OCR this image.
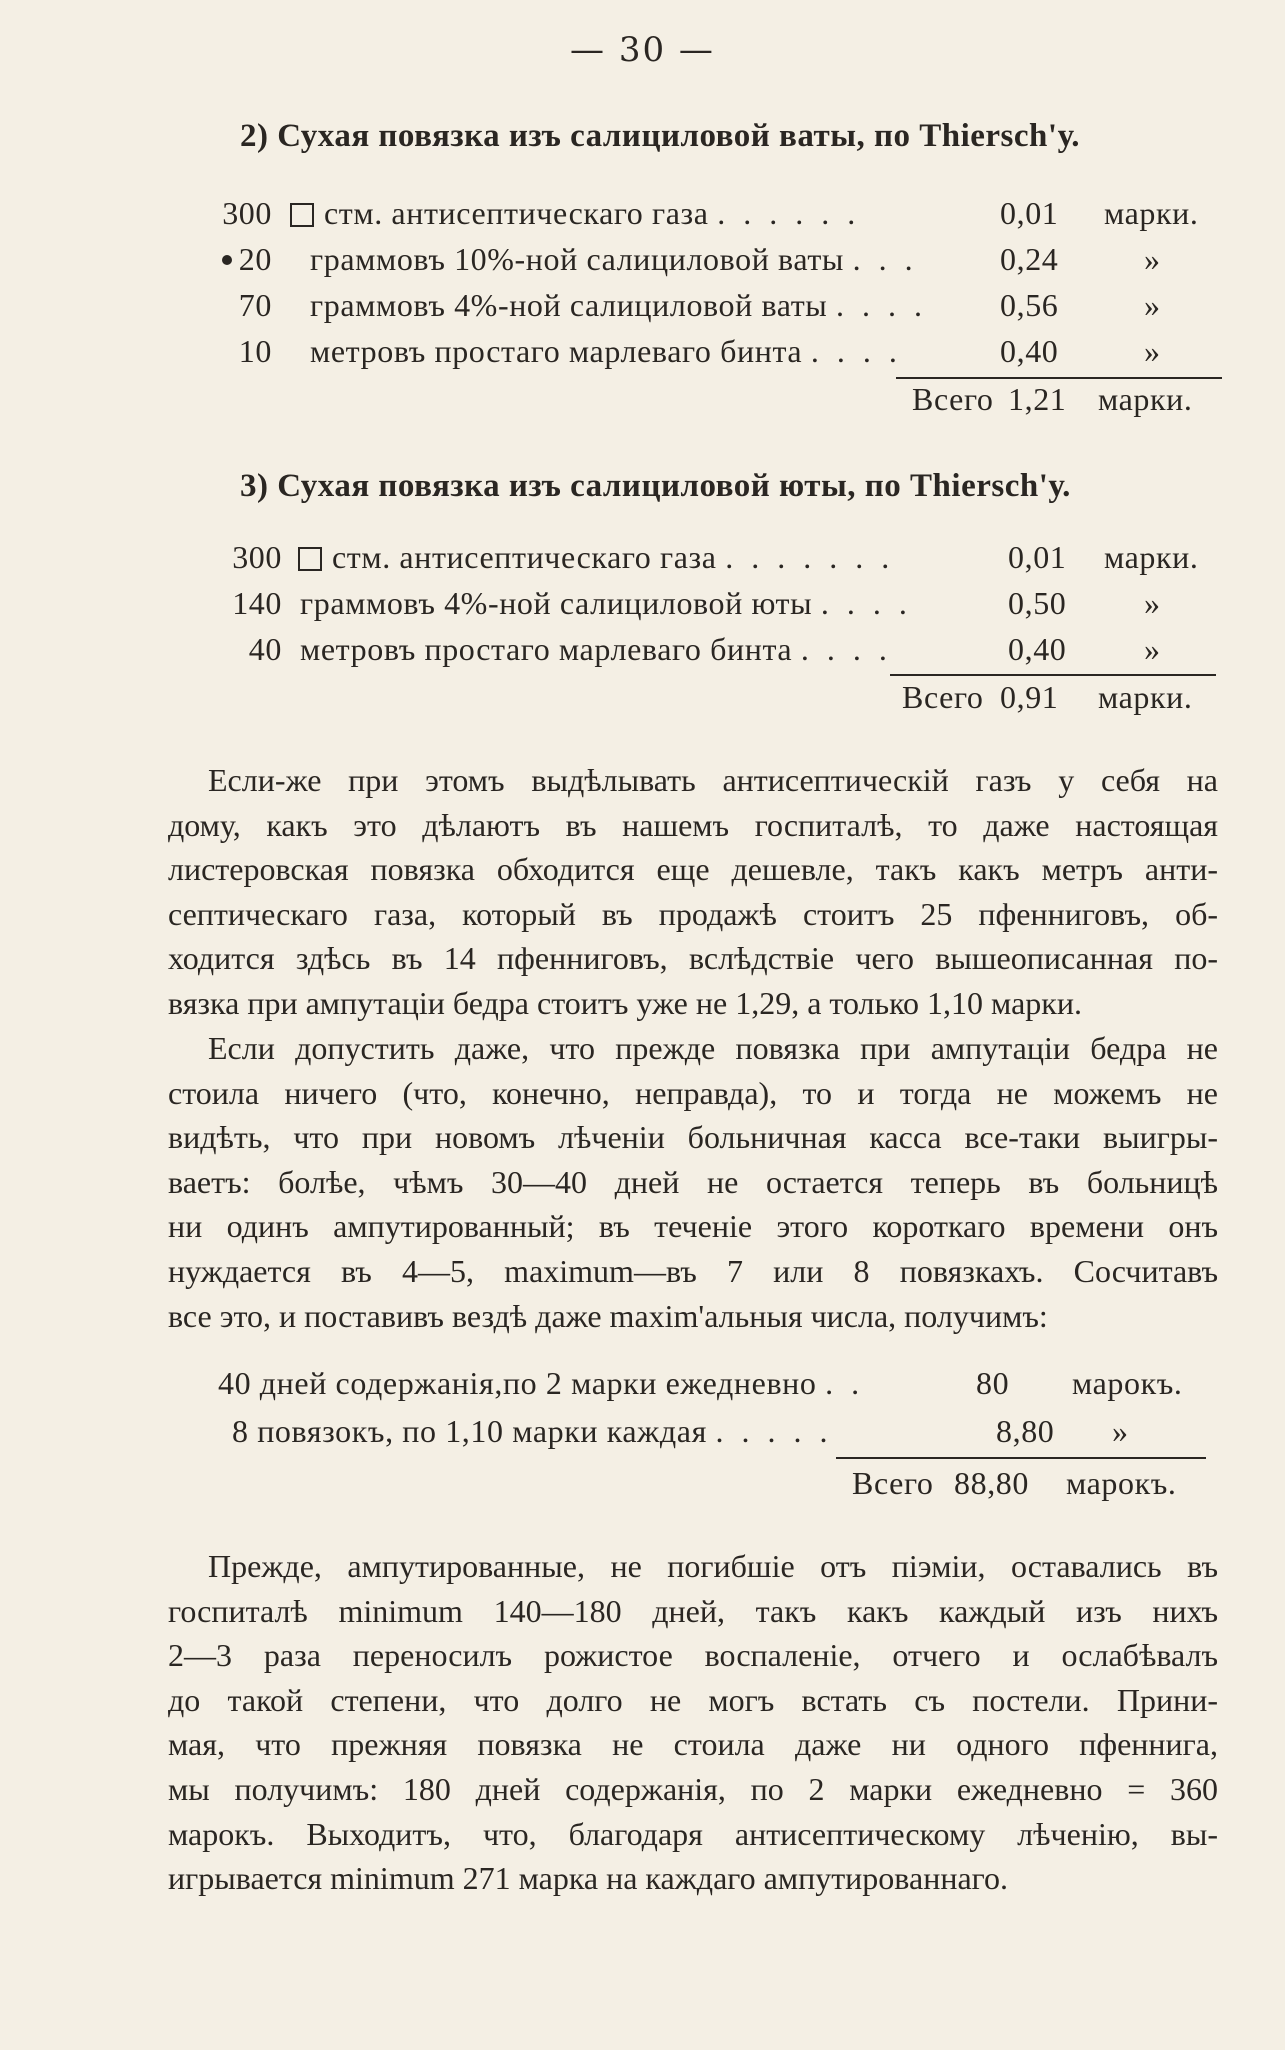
— 30 —
2) Сухая повязка изъ салициловой ваты, по Thiersch'у.
300	стм. антисептическаго газа . . . . . .	0,01 марки.
20 граммовъ 10%-ной салициловой ваты . . .	0,24	»
70 граммовъ 4%-ной салициловой ваты . . . . 0,56	»
10 метровъ простаго марлеваго бинта . . . .	0,40	»
Всего 1,21 марки.
3) Сухая повязка изъ салициловой юты, по Thiersch'у.
300	стм. антисептическаго газа . . . . . . .	0,01 марки.
140 граммовъ 4%-ной салициловой юты . . . .	0,50 »
40 метровъ простаго марлеваго бинта . . . .	0,40 »
Всего 0,91 марки.
Если-же при этомъ выдѣлывать антисептическій газъ у себя на
дому, какъ это дѣлаютъ въ нашемъ госпиталѣ, то даже настоящая
листеровская повязка обходится еще дешевле, такъ какъ метръ анти-
септическаго газа, который въ продажѣ стоитъ 25 пфенниговъ, об-
ходится здѣсь въ 14 пфенниговъ, вслѣдствіе чего вышеописанная по-
вязка при ампутаціи бедра стоитъ уже не 1,29, а только 1,10 марки.
Если допустить даже, что прежде повязка при ампутаціи бедра не
стоила ничего (что, конечно, неправда), то и тогда не можемъ не
видѣть, что при новомъ лѣченіи больничная касса все-таки выигры-
ваетъ: болѣе, чѣмъ 30—40 дней не остается теперь въ больницѣ
ни одинъ ампутированный; въ теченіе этого короткаго времени онъ
нуждается въ 4—5, maximum—въ 7 или 8 повязкахъ. Сосчитавъ
все это, и поставивъ вездѣ даже maxim'альныя числа, получимъ:
40 дней содержанія,по 2 марки ежедневно . .	80 марокъ.
8 повязокъ, по 1,10 марки каждая . . . . .	8,80 »
Всего 88,80 марокъ.
Прежде, ампутированные, не погибшіе отъ піэміи, оставались въ
госпиталѣ minimum 140—180 дней, такъ какъ каждый изъ нихъ
2—3 раза переносилъ рожистое воспаленіе, отчего и ослабѣвалъ
до такой степени, что долго не могъ встать съ постели. Прини-
мая, что прежняя повязка не стоила даже ни одного пфеннига,
мы получимъ: 180 дней содержанія, по 2 марки ежедневно = 360
марокъ. Выходитъ, что, благодаря антисептическому лѣченію, вы-
игрывается minimum 271 марка на каждаго ампутированнаго.
